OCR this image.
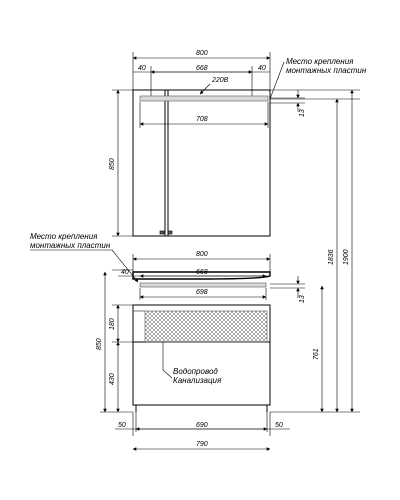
800
40	668	40
220В
708
13
850
Место крепления
монтажных пластин
Место крепления
монтажных пластин
800
40	668
698
13
Водопровод
Канализация
180
850
430
50	690	50
790
761
1836 1900
